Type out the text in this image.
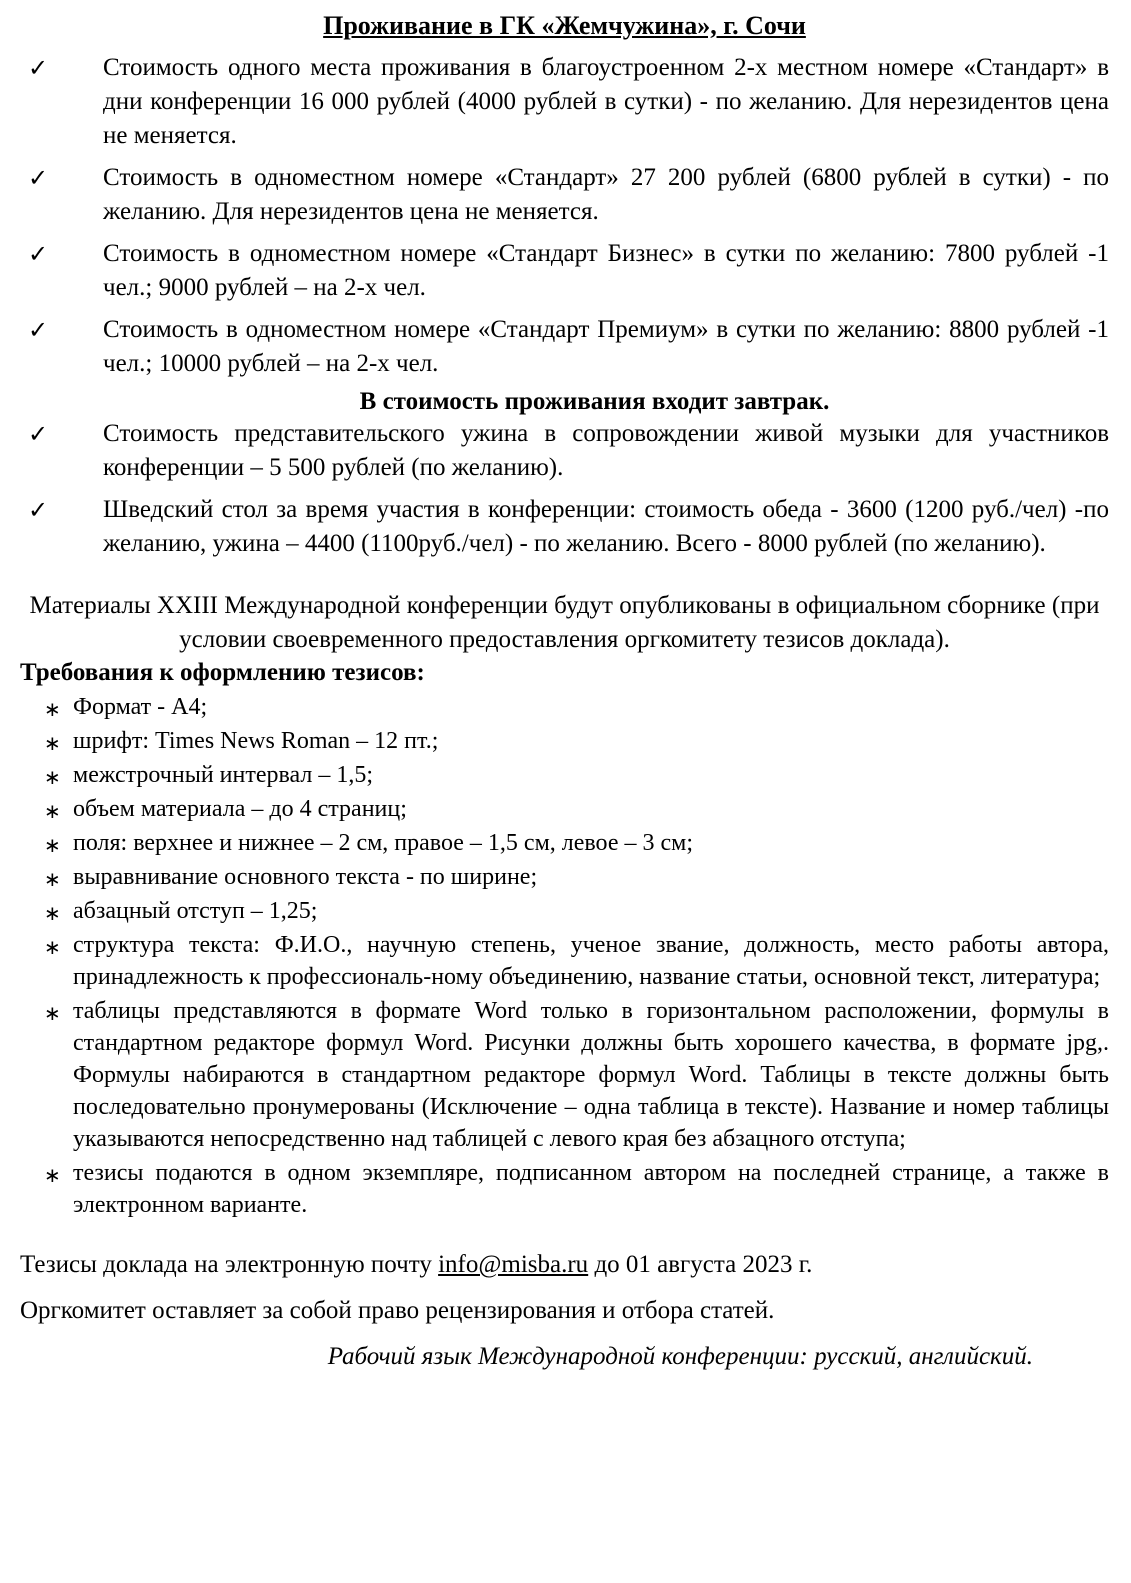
Проживание в ГК «Жемчужина», г. Сочи
✓ Стоимость одного места проживания в благоустроенном 2-х местном номере «Стандарт» в дни конференции 16 000 рублей (4000 рублей в сутки) - по желанию. Для нерезидентов цена не меняется.
✓ Стоимость в одноместном номере «Стандарт» 27 200 рублей (6800 рублей в сутки) - по желанию. Для нерезидентов цена не меняется.
✓ Стоимость в одноместном номере «Стандарт Бизнес» в сутки по желанию: 7800 рублей -1 чел.; 9000 рублей – на 2-х чел.
✓ Стоимость в одноместном номере «Стандарт Премиум» в сутки по желанию: 8800 рублей -1 чел.; 10000 рублей – на 2-х чел.

В стоимость проживания входит завтрак.

✓ Стоимость представительского ужина в сопровождении живой музыки для участников конференции – 5 500 рублей (по желанию).
✓ Шведский стол за время участия в конференции: стоимость обеда - 3600 (1200 руб./чел) -по желанию, ужина – 4400 (1100руб./чел) - по желанию. Всего - 8000 рублей (по желанию).

Материалы XXIII Международной конференции будут опубликованы в официальном сборнике (при условии своевременного предоставления оргкомитету тезисов доклада).

Требования к оформлению тезисов:
∗ Формат - А4;
∗ шрифт: Times News Roman – 12 пт.;
∗ межстрочный интервал – 1,5;
∗ объем материала – до 4 страниц;
∗ поля: верхнее и нижнее – 2 см, правое – 1,5 см, левое – 3 см;
∗ выравнивание основного текста - по ширине;
∗ абзацный отступ – 1,25;
∗ структура текста: Ф.И.О., научную степень, ученое звание, должность, место работы автора, принадлежность к профессиональ-ному объединению, название статьи, основной текст, литература;
∗ таблицы представляются в формате Word только в горизонтальном расположении, формулы в стандартном редакторе формул Word. Рисунки должны быть хорошего качества, в формате jpg,. Формулы набираются в стандартном редакторе формул Word. Таблицы в тексте должны быть последовательно пронумерованы (Исключение – одна таблица в тексте). Название и номер таблицы указываются непосредственно над таблицей с левого края без абзацного отступа;
∗ тезисы подаются в одном экземпляре, подписанном автором на последней странице, а также в электронном варианте.

Тезисы доклада на электронную почту info@misba.ru до 01 августа 2023 г.

Оргкомитет оставляет за собой право рецензирования и отбора статей.

Рабочий язык Международной конференции: русский, английский.
